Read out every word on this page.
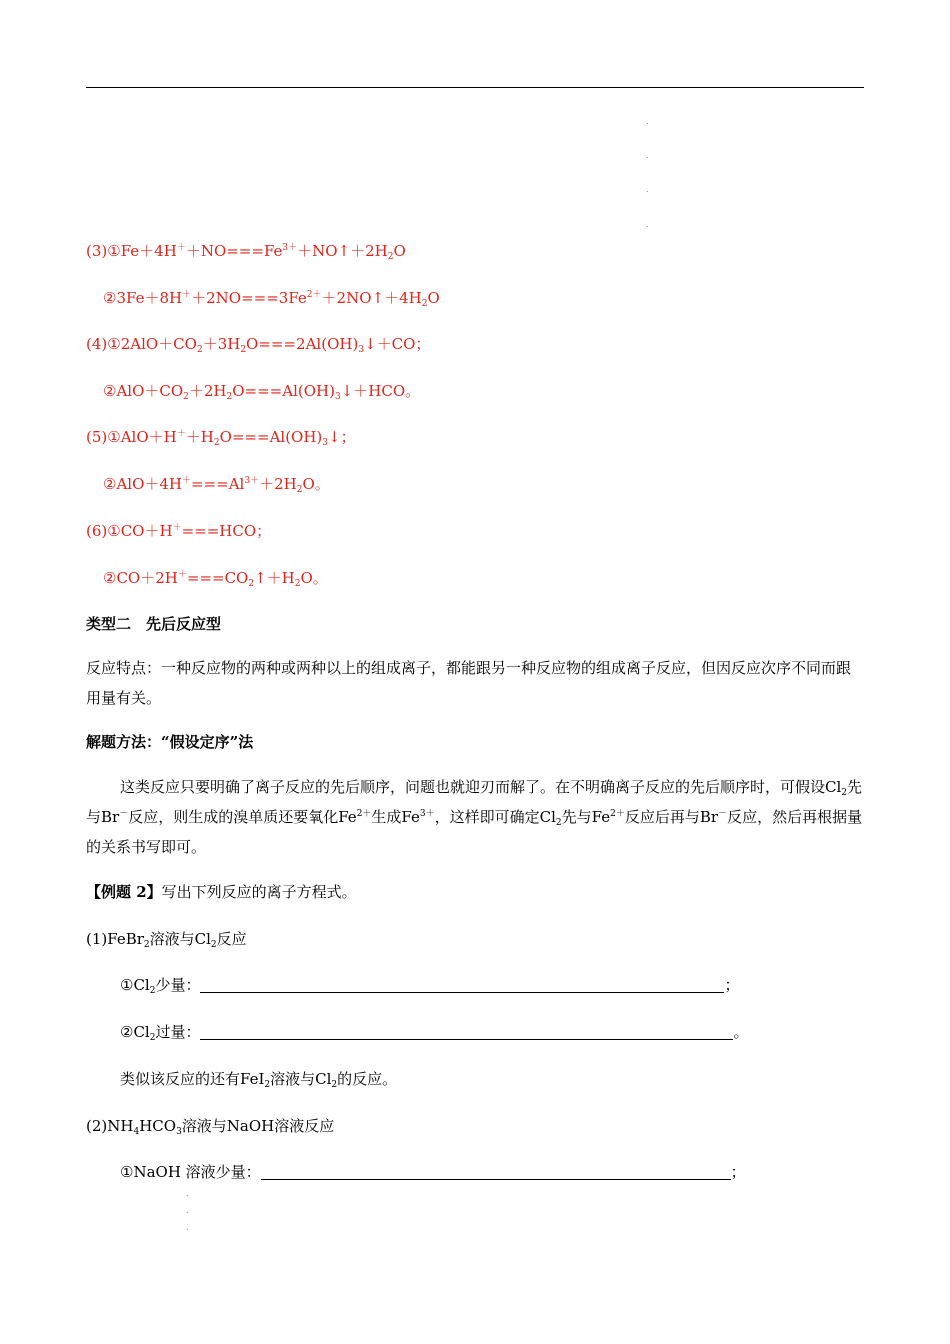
.
.
.
.
$(3)①Fe+4H^++NO===Fe^{3+}+NO↑+2H_2O$
$②3Fe+8H^++2NO===3Fe^{2+}+2NO↑+4H_2O$
$(4)①2AlO+CO_2+3H_2O===2Al(OH)_3↓+CO$；
$②AlO+CO_2+2H_2O===Al(OH)_3↓+HCO$。
$(5)①AlO+H^++H_2O===Al(OH)_3↓$；
$②AlO+4H^+===Al^{3+}+2H_2O$。
(6)①CO＋H＋===HCO；
$②CO+2H^+===CO_2↑+H_2O$。
类型二　先后反应型
反应特点：一种反应物的两种或两种以上的组成离子，都能跟另一种反应物的组成离子反应，但因反应次序不同而跟用量有关。
解题方法：“假设定序”法
这类反应只要明确了离子反应的先后顺序，问题也就迎刃而解了。在不明确离子反应的先后顺序时，可假设$Cl_2$先与Br－反应，则生成的溴单质还要氧化$Fe^{2+}$生成$Fe^{3+}$，这样即可确定$Cl_2$先与$Fe^{2+}$反应后再与Br－反应，然后再根据量的关系书写即可。
【例题 2】写出下列反应的离子方程式。
(1)FeBr$_2$溶液与$Cl_2$反应
$①Cl_2$少量：	；
$②Cl_2$过量：	。
类似该反应的还有FeI$_2$溶液与$Cl_2$的反应。
$(2)NH_4HCO_3$溶液与NaOH溶液反应
①NaOH 溶液少量：	；
.
.
.
